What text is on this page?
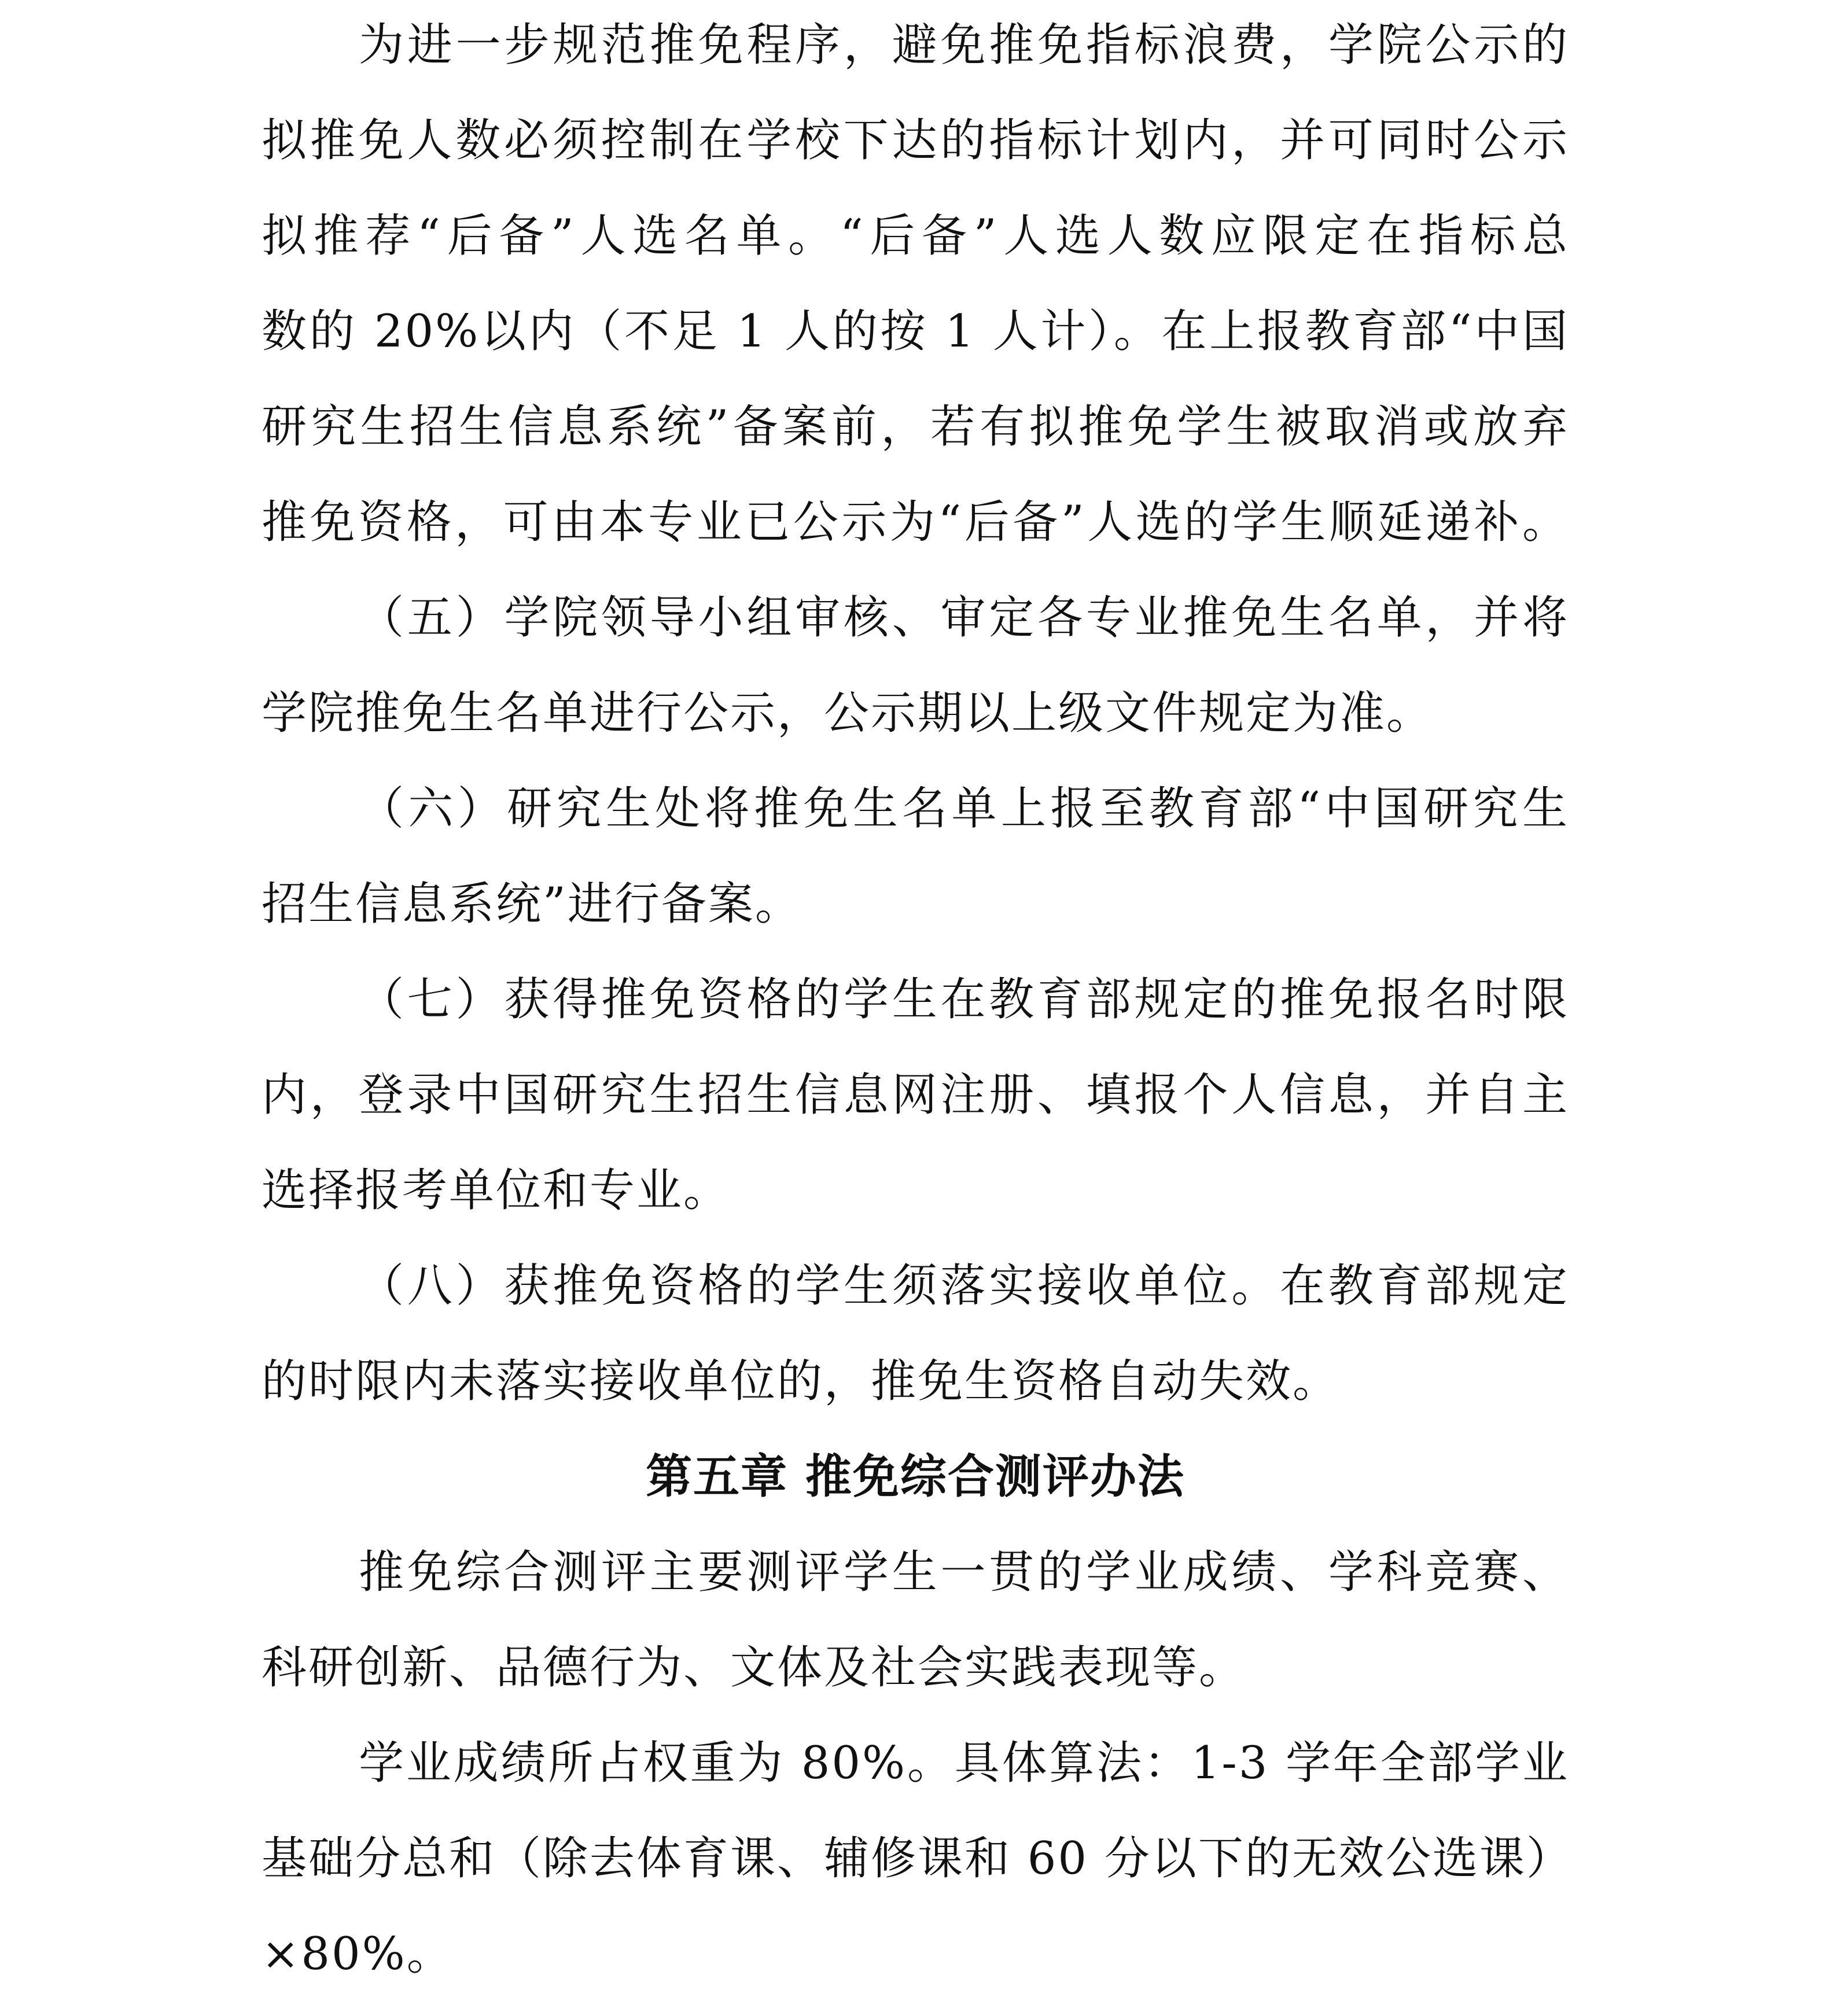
为进一步规范推免程序，避免推免指标浪费，学院公示的
拟推免人数必须控制在学校下达的指标计划内，并可同时公示
拟推荐“后备”人选名单。“后备”人选人数应限定在指标总
数的 20%以内（不足 1 人的按 1 人计）。在上报教育部“中国
研究生招生信息系统”备案前，若有拟推免学生被取消或放弃
推免资格，可由本专业已公示为“后备”人选的学生顺延递补。
（五）学院领导小组审核、审定各专业推免生名单，并将
学院推免生名单进行公示，公示期以上级文件规定为准。
（六）研究生处将推免生名单上报至教育部“中国研究生
招生信息系统”进行备案。
（七）获得推免资格的学生在教育部规定的推免报名时限
内，登录中国研究生招生信息网注册、填报个人信息，并自主
选择报考单位和专业。
（八）获推免资格的学生须落实接收单位。在教育部规定
的时限内未落实接收单位的，推免生资格自动失效。
第五章 推免综合测评办法
推免综合测评主要测评学生一贯的学业成绩、学科竞赛、
科研创新、品德行为、文体及社会实践表现等。
学业成绩所占权重为 80%。具体算法：1-3 学年全部学业
基础分总和（除去体育课、辅修课和 60 分以下的无效公选课）
×80%。
